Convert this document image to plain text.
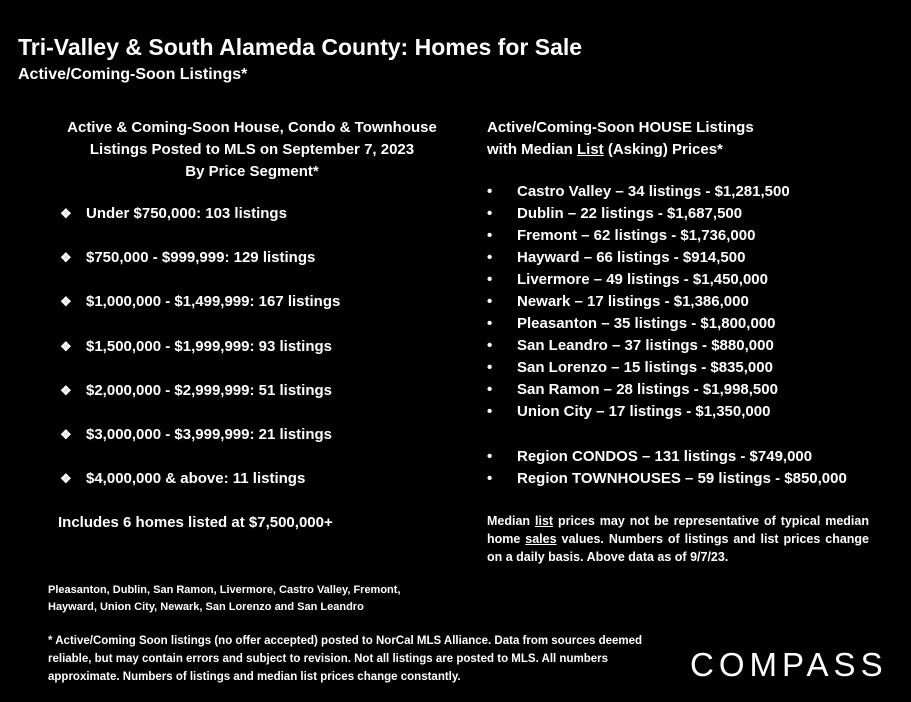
Tri-Valley & South Alameda County: Homes for Sale
Active/Coming-Soon Listings*
Active & Coming-Soon House, Condo & Townhouse
Listings Posted to MLS on September 7, 2023
By Price Segment*
❖ Under $750,000: 103 listings
❖ $750,000 - $999,999: 129 listings
❖ $1,000,000 - $1,499,999: 167 listings
❖ $1,500,000 - $1,999,999: 93 listings
❖ $2,000,000 - $2,999,999: 51 listings
❖ $3,000,000 - $3,999,999: 21 listings
❖ $4,000,000 & above: 11 listings
Includes 6 homes listed at $7,500,000+
Active/Coming-Soon HOUSE Listings
with Median List (Asking) Prices*
• Castro Valley – 34 listings - $1,281,500
• Dublin – 22 listings - $1,687,500
• Fremont – 62 listings - $1,736,000
• Hayward – 66 listings - $914,500
• Livermore – 49 listings - $1,450,000
• Newark – 17 listings - $1,386,000
• Pleasanton – 35 listings - $1,800,000
• San Leandro – 37 listings - $880,000
• San Lorenzo – 15 listings - $835,000
• San Ramon – 28 listings - $1,998,500
• Union City – 17 listings - $1,350,000
• Region CONDOS – 131 listings - $749,000
• Region TOWNHOUSES – 59 listings - $850,000
Median list prices may not be representative of typical median home sales values. Numbers of listings and list prices change on a daily basis. Above data as of 9/7/23.
Pleasanton, Dublin, San Ramon, Livermore, Castro Valley, Fremont,
Hayward, Union City, Newark, San Lorenzo and San Leandro
* Active/Coming Soon listings (no offer accepted) posted to NorCal MLS Alliance. Data from sources deemed reliable, but may contain errors and subject to revision. Not all listings are posted to MLS. All numbers approximate. Numbers of listings and median list prices change constantly.	COMPASS
